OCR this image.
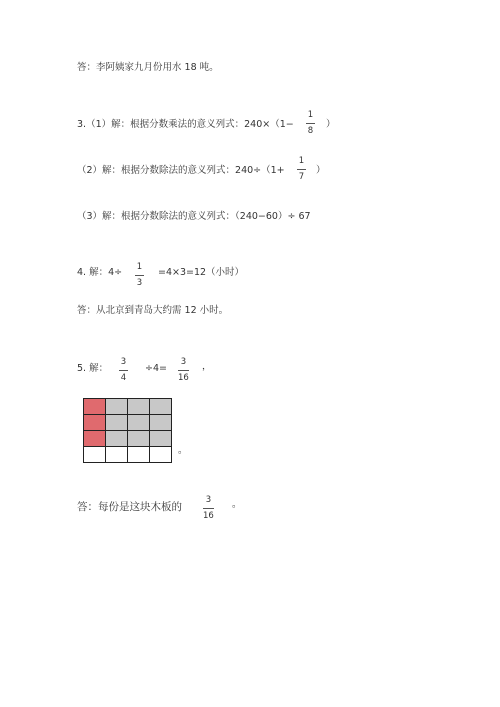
答：李阿姨家九月份用水 18 吨。
3.（1）解：根据分数乘法的意义列式：240×（1−
1
8
）
（2）解：根据分数除法的意义列式：240÷（1+
1
7
）
（3）解：根据分数除法的意义列式：（240−60）÷ 67
4. 解：4÷ 1
3
=4×3=12（小时）
答：从北京到青岛大约需 12 小时。
5. 解：
3
4
÷4=
3
16
，
。
答：每份是这块木板的
3
16
。
